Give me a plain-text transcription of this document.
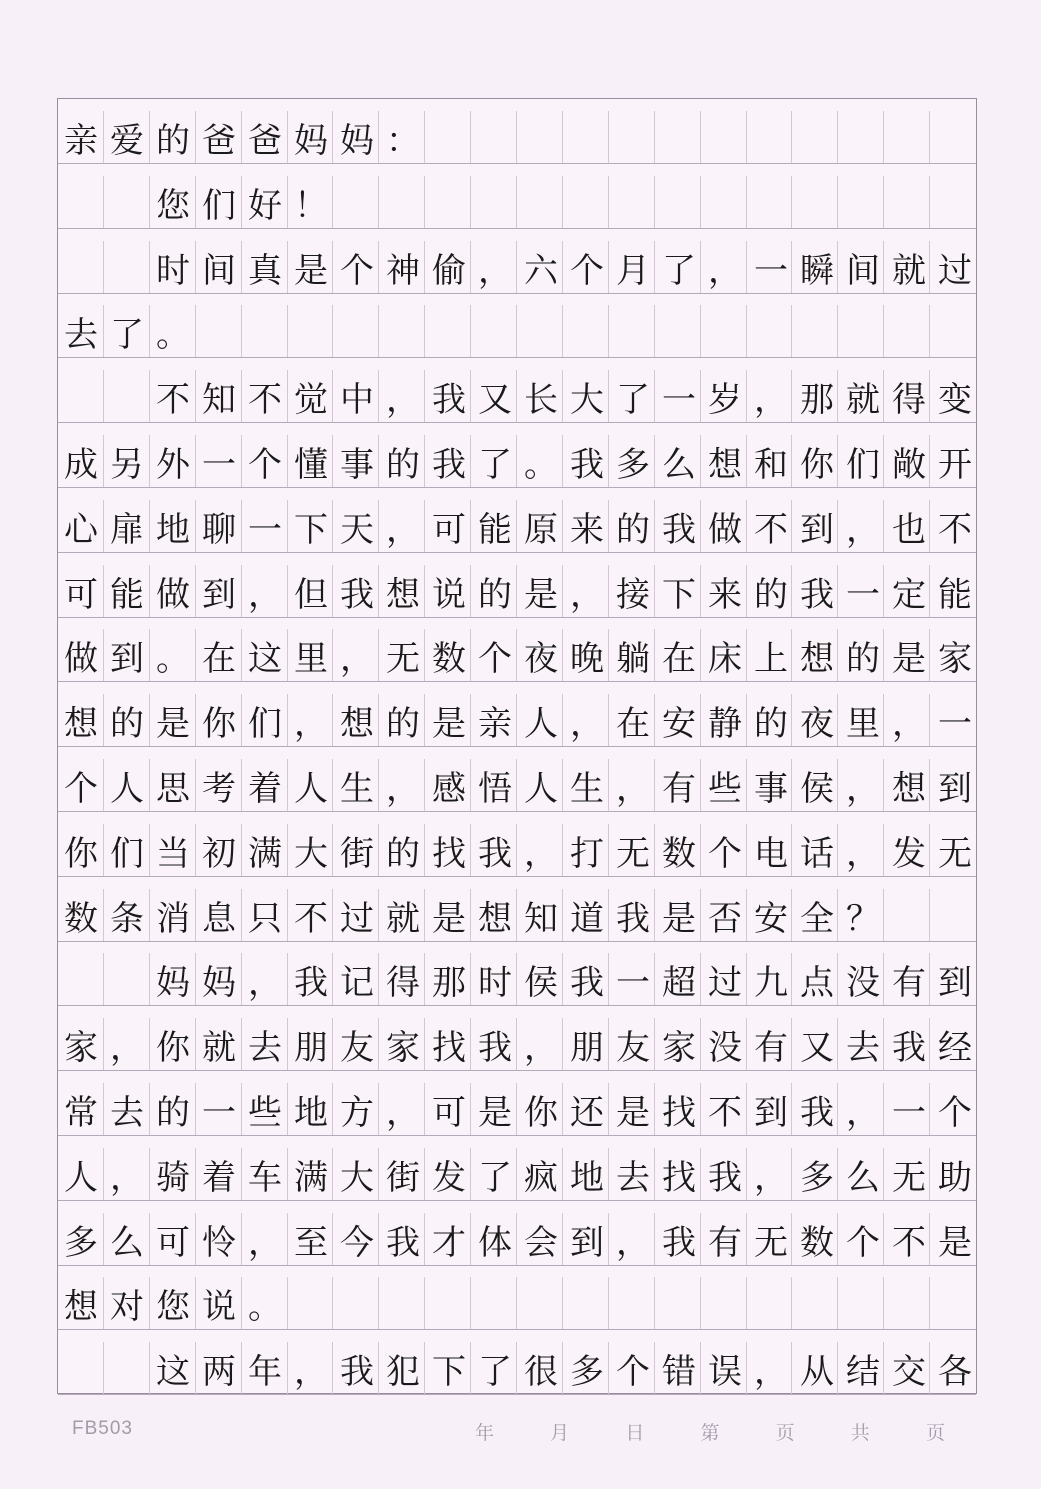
亲 爱 的 爸 爸 妈 妈 ：

您 们 好 ！

时 间 真 是 个 神 偷 ， 六 个 月 了 ， 一 瞬 间 就 过
去 了 。

不 知 不 觉 中 ， 我 又 长 大 了 一 岁 ， 那 就 得 变
成 另 外 一 个 懂 事 的 我 了 。 我 多 么 想 和 你 们 敞 开
心 扉 地 聊 一 下 天 ， 可 能 原 来 的 我 做 不 到 ， 也 不
可 能 做 到 ， 但 我 想 说 的 是 ， 接 下 来 的 我 一 定 能
做 到 。 在 这 里 ， 无 数 个 夜 晚 躺 在 床 上 想 的 是 家
想 的 是 你 们 ， 想 的 是 亲 人 ， 在 安 静 的 夜 里 ， 一
个 人 思 考 着 人 生 ， 感 悟 人 生 ， 有 些 事 侯 ， 想 到
你 们 当 初 满 大 街 的 找 我 ， 打 无 数 个 电 话 ， 发 无
数 条 消 息 只 不 过 就 是 想 知 道 我 是 否 安 全 ？

妈 妈 ， 我 记 得 那 时 侯 我 一 超 过 九 点 没 有 到
家 ， 你 就 去 朋 友 家 找 我 ， 朋 友 家 没 有 又 去 我 经
常 去 的 一 些 地 方 ， 可 是 你 还 是 找 不 到 我 ， 一 个
人 ， 骑 着 车 满 大 街 发 了 疯 地 去 找 我 ， 多 么 无 助
多 么 可 怜 ， 至 今 我 才 体 会 到 ， 我 有 无 数 个 不 是
想 对 您 说 。

这 两 年 ， 我 犯 下 了 很 多 个 错 误 ， 从 结 交 各
FB503	年	月	日	第	页	共	页
